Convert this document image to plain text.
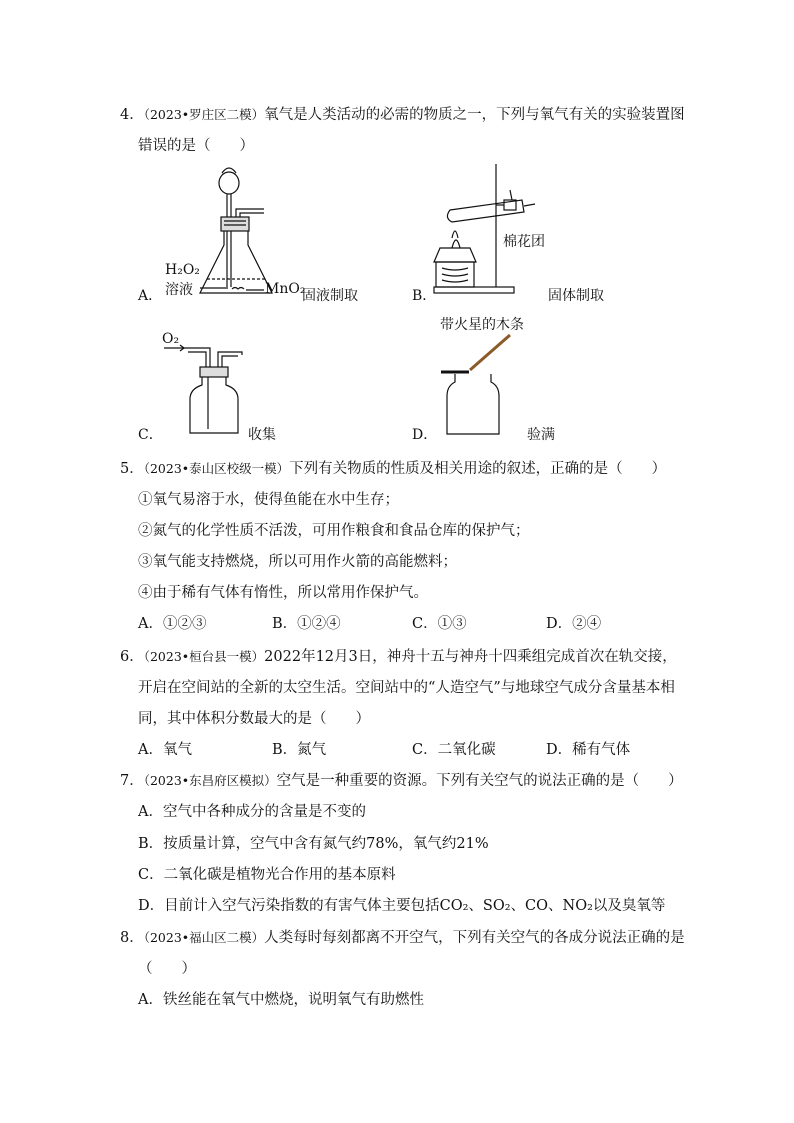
4．（2023•罗庄区二模）氧气是人类活动的必需的物质之一，下列与氧气有关的实验装置图
错误的是（　　）
H₂O₂
溶液	MnO₂
A．	固液制取
棉花团
B．	固体制取
O₂
C．	收集
带火星的木条
D．	验满
5．（2023•泰山区校级一模）下列有关物质的性质及相关用途的叙述，正确的是（　　）
①氧气易溶于水，使得鱼能在水中生存；
②氮气的化学性质不活泼，可用作粮食和食品仓库的保护气；
③氧气能支持燃烧，所以可用作火箭的高能燃料；
④由于稀有气体有惰性，所以常用作保护气。
A．①②③	B．①②④	C．①③	D．②④
6．（2023•桓台县一模）2022年12月3日，神舟十五与神舟十四乘组完成首次在轨交接，
开启在空间站的全新的太空生活。空间站中的“人造空气”与地球空气成分含量基本相
同，其中体积分数最大的是（　　）
A．氧气	B．氮气	C．二氧化碳	D．稀有气体
7．（2023•东昌府区模拟）空气是一种重要的资源。下列有关空气的说法正确的是（　　）
A．空气中各种成分的含量是不变的
B．按质量计算，空气中含有氮气约78%，氧气约21%
C．二氧化碳是植物光合作用的基本原料
D．目前计入空气污染指数的有害气体主要包括CO₂、SO₂、CO、NO₂以及臭氧等
8．（2023•福山区二模）人类每时每刻都离不开空气，下列有关空气的各成分说法正确的是
（　　）
A．铁丝能在氧气中燃烧，说明氧气有助燃性
